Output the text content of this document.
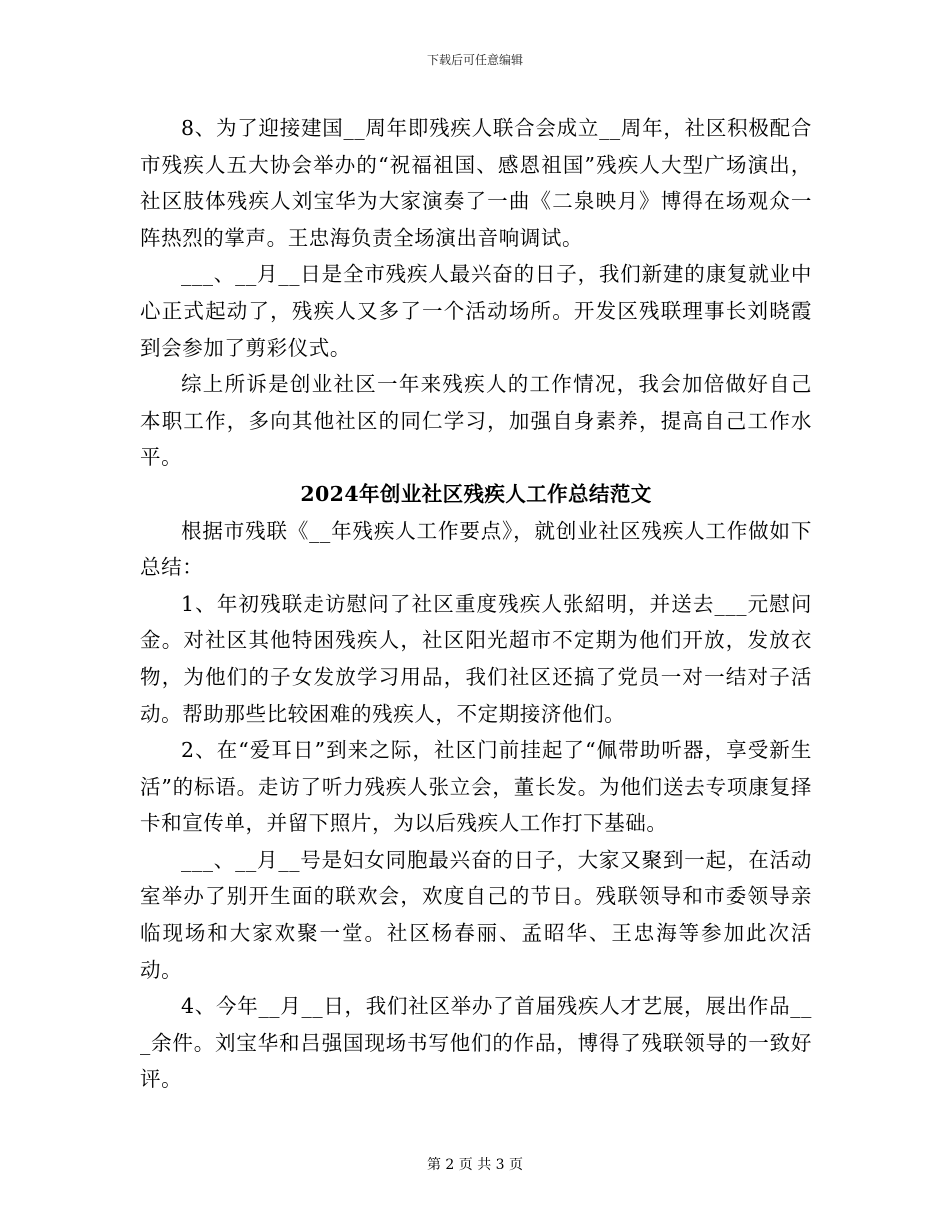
下载后可任意编辑

8、为了迎接建国__周年即残疾人联合会成立__周年，社区积极配合市残疾人五大协会举办的“祝福祖国、感恩祖国”残疾人大型广场演出，社区肢体残疾人刘宝华为大家演奏了一曲《二泉映月》博得在场观众一阵热烈的掌声。王忠海负责全场演出音响调试。

___、__月__日是全市残疾人最兴奋的日子，我们新建的康复就业中心正式起动了，残疾人又多了一个活动场所。开发区残联理事长刘晓霞到会参加了剪彩仪式。

综上所诉是创业社区一年来残疾人的工作情况，我会加倍做好自己本职工作，多向其他社区的同仁学习，加强自身素养，提高自己工作水平。

2024年创业社区残疾人工作总结范文

根据市残联《__年残疾人工作要点》，就创业社区残疾人工作做如下总结：

1、年初残联走访慰问了社区重度残疾人张紹明，并送去___元慰问金。对社区其他特困残疾人，社区阳光超市不定期为他们开放，发放衣物，为他们的子女发放学习用品，我们社区还搞了党员一对一结对子活动。帮助那些比较困难的残疾人，不定期接济他们。

2、在“爱耳日”到来之际，社区门前挂起了“佩带助听器，享受新生活”的标语。走访了听力残疾人张立会，董长发。为他们送去专项康复择卡和宣传单，并留下照片，为以后残疾人工作打下基础。

___、__月__号是妇女同胞最兴奋的日子，大家又聚到一起，在活动室举办了别开生面的联欢会，欢度自己的节日。残联领导和市委领导亲临现场和大家欢聚一堂。社区杨春丽、孟昭华、王忠海等参加此次活动。

4、今年__月__日，我们社区举办了首届残疾人才艺展，展出作品___余件。刘宝华和吕强国现场书写他们的作品，博得了残联领导的一致好评。

第 2 页 共 3 页
